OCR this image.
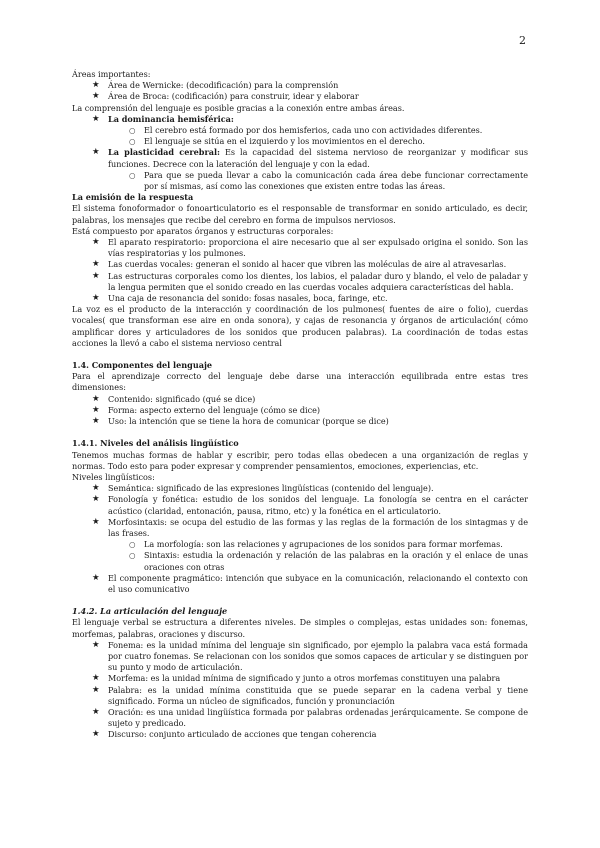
2

Áreas importantes:

★ Área de Wernicke: (decodificación) para la comprensión
★ Área de Broca: (codificación) para construir, idear y elaborar

La comprensión del lenguaje es posible gracias a la conexión entre ambas áreas.

★ La dominancia hemisférica:
○ El cerebro está formado por dos hemisferios, cada uno con actividades diferentes.
○ El lenguaje se sitúa en el izquierdo y los movimientos en el derecho.
★ La plasticidad cerebral: Es la capacidad del sistema nervioso de reorganizar y modificar sus funciones. Decrece con la lateración del lenguaje y con la edad.
○ Para que se pueda llevar a cabo la comunicación cada área debe funcionar correctamente por sí mismas, así como las conexiones que existen entre todas las áreas.

La emisión de la respuesta

El sistema fonoformador o fonoarticulatorio es el responsable de transformar en sonido articulado, es decir, palabras, los mensajes que recibe del cerebro en forma de impulsos nerviosos.

Está compuesto por aparatos órganos y estructuras corporales:

★ El aparato respiratorio: proporciona el aire necesario que al ser expulsado origina el sonido. Son las vías respiratorias y los pulmones.
★ Las cuerdas vocales: generan el sonido al hacer que vibren las moléculas de aire al atravesarlas.
★ Las estructuras corporales como los dientes, los labios, el paladar duro y blando, el velo de paladar y la lengua permiten que el sonido creado en las cuerdas vocales adquiera características del habla.
★ Una caja de resonancia del sonido: fosas nasales, boca, faringe, etc.

La voz es el producto de la interacción y coordinación de los pulmones( fuentes de aire o folio), cuerdas vocales( que transforman ese aire en onda sonora), y cajas de resonancia y órganos de articulación( cómo amplificar dores y articuladores de los sonidos que producen palabras). La coordinación de todas estas acciones la llevó a cabo el sistema nervioso central

1.4. Componentes del lenguaje

Para el aprendizaje correcto del lenguaje debe darse una interacción equilibrada entre estas tres dimensiones:

★ Contenido: significado (qué se dice)
★ Forma: aspecto externo del lenguaje (cómo se dice)
★ Uso: la intención que se tiene la hora de comunicar (porque se dice)

1.4.1. Niveles del análisis lingüístico

Tenemos muchas formas de hablar y escribir, pero todas ellas obedecen a una organización de reglas y normas. Todo esto para poder expresar y comprender pensamientos, emociones, experiencias, etc.

Niveles lingüísticos:

★ Semántica: significado de las expresiones lingüísticas (contenido del lenguaje).
★ Fonología y fonética: estudio de los sonidos del lenguaje. La fonología se centra en el carácter acústico (claridad, entonación, pausa, ritmo, etc) y la fonética en el articulatorio.
★ Morfosintaxis: se ocupa del estudio de las formas y las reglas de la formación de los sintagmas y de las frases.
○ La morfología: son las relaciones y agrupaciones de los sonidos para formar morfemas.
○ Sintaxis: estudia la ordenación y relación de las palabras en la oración y el enlace de unas oraciones con otras
★ El componente pragmático: intención que subyace en la comunicación, relacionando el contexto con el uso comunicativo

1.4.2. La articulación del lenguaje

El lenguaje verbal se estructura a diferentes niveles. De simples o complejas, estas unidades son: fonemas, morfemas, palabras, oraciones y discurso.

★ Fonema: es la unidad mínima del lenguaje sin significado, por ejemplo la palabra vaca está formada por cuatro fonemas. Se relacionan con los sonidos que somos capaces de articular y se distinguen por su punto y modo de articulación.
★ Morfema: es la unidad mínima de significado y junto a otros morfemas constituyen una palabra
★ Palabra: es la unidad mínima constituida que se puede separar en la cadena verbal y tiene significado. Forma un núcleo de significados, función y pronunciación
★ Oración: es una unidad lingüística formada por palabras ordenadas jerárquicamente. Se compone de sujeto y predicado.
★ Discurso: conjunto articulado de acciones que tengan coherencia
